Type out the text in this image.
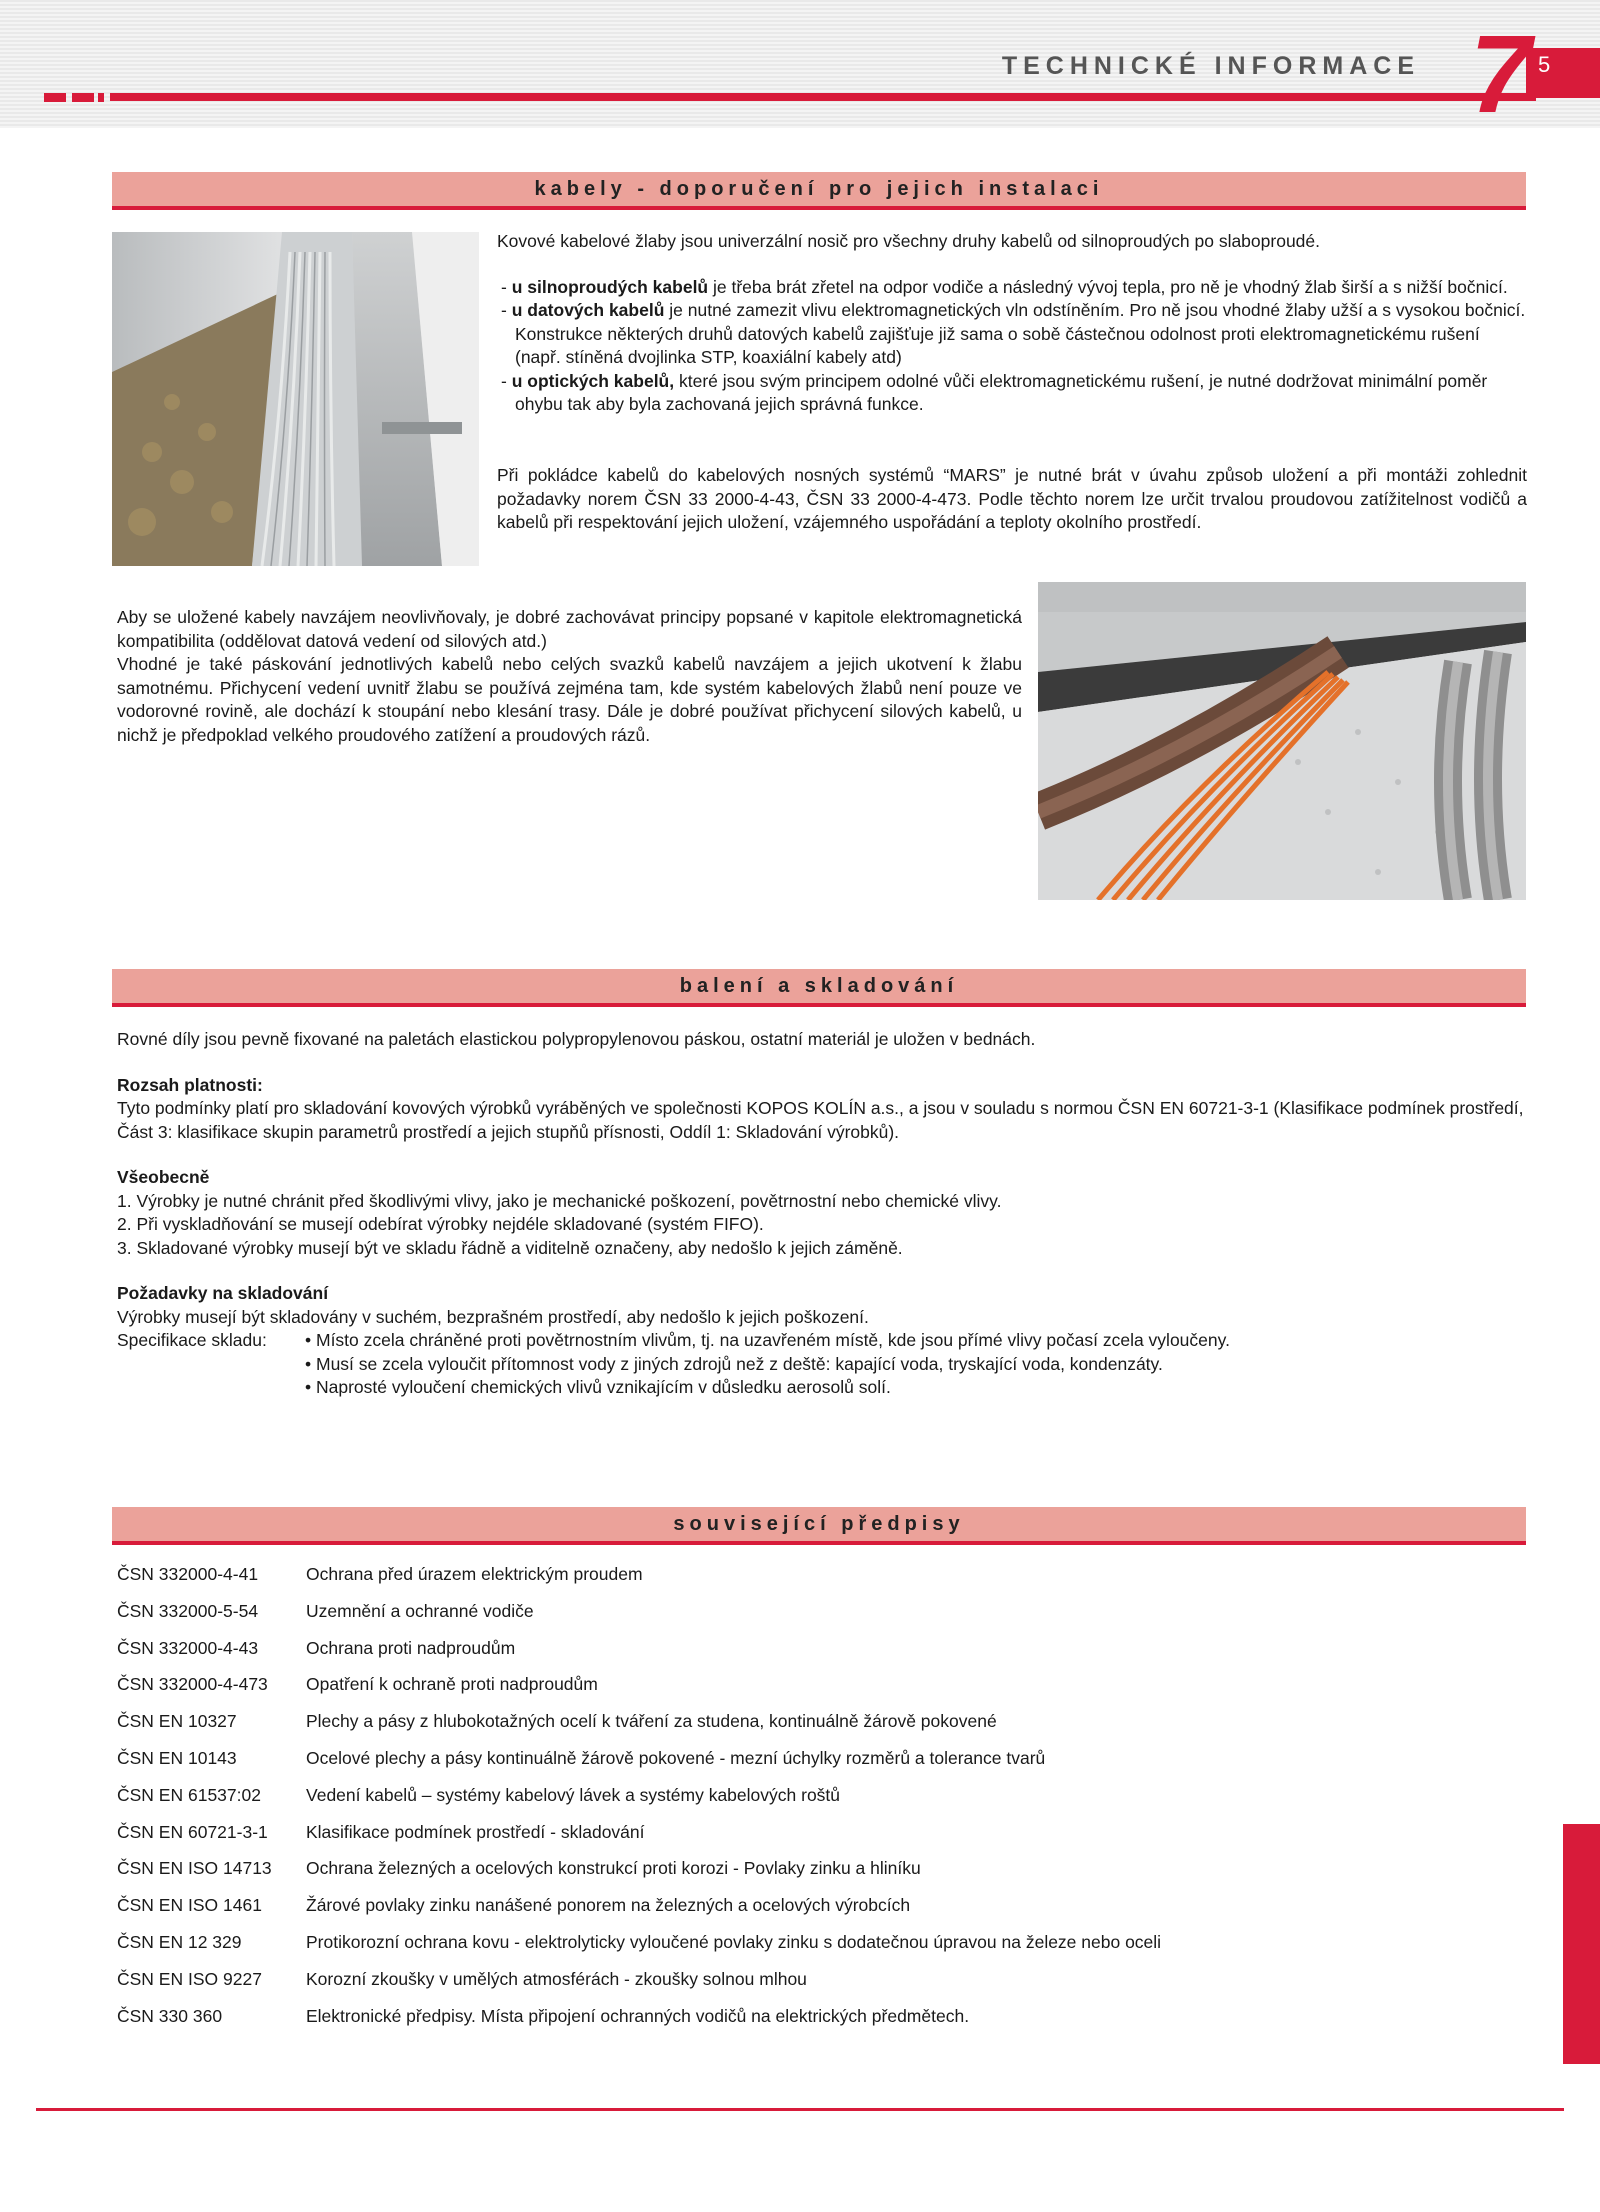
TECHNICKÉ INFORMACE 7 5
kabely - doporučení pro jejich instalaci

Kovové kabelové žlaby jsou univerzální nosič pro všechny druhy kabelů od silnoproudých po slaboproudé.

- u silnoproudých kabelů je třeba brát zřetel na odpor vodiče a následný vývoj tepla, pro ně je vhodný žlab širší a s nižší bočnicí.

- u datových kabelů je nutné zamezit vlivu elektromagnetických vln odstíněním. Pro ně jsou vhodné žlaby užší a s vysokou bočnicí. Konstrukce některých druhů datových kabelů zajišťuje již sama o sobě částečnou odolnost proti elektromagnetickému rušení (např. stíněná dvojlinka STP, koaxiální kabely atd)

- u optických kabelů, které jsou svým principem odolné vůči elektromagnetickému rušení, je nutné dodržovat minimální poměr ohybu tak aby byla zachovaná jejich správná funkce.

Při pokládce kabelů do kabelových nosných systémů “MARS” je nutné brát v úvahu způsob uložení a při montáži zohlednit požadavky norem ČSN 33 2000-4-43, ČSN 33 2000-4-473. Podle těchto norem lze určit trvalou proudovou zatížitelnost vodičů a kabelů při respektování jejich uložení, vzájemného uspořádání a teploty okolního prostředí.

Aby se uložené kabely navzájem neovlivňovaly, je dobré zachovávat principy popsané v kapitole elektromagnetická kompatibilita (oddělovat datová vedení od silových atd.)

Vhodné je také páskování jednotlivých kabelů nebo celých svazků kabelů navzájem a jejich ukotvení k žlabu samotnému. Přichycení vedení uvnitř žlabu se používá zejména tam, kde systém kabelových žlabů není pouze ve vodorovné rovině, ale dochází k stoupání nebo klesání trasy. Dále je dobré používat přichycení silových kabelů, u nichž je předpoklad velkého proudového zatížení a proudových rázů.

balení a skladování

Rovné díly jsou pevně fixované na paletách elastickou polypropylenovou páskou, ostatní materiál je uložen v bednách.

Rozsah platnosti:

Tyto podmínky platí pro skladování kovových výrobků vyráběných ve společnosti KOPOS KOLÍN a.s., a jsou v souladu s normou ČSN EN 60721-3-1 (Klasifikace podmínek prostředí, Část 3: klasifikace skupin parametrů prostředí a jejich stupňů přísnosti, Oddíl 1: Skladování výrobků).

Všeobecně

1. Výrobky je nutné chránit před škodlivými vlivy, jako je mechanické poškození, povětrnostní nebo chemické vlivy.

2. Při vyskladňování se musejí odebírat výrobky nejdéle skladované (systém FIFO).

3. Skladované výrobky musejí být ve skladu řádně a viditelně označeny, aby nedošlo k jejich záměně.

Požadavky na skladování

Výrobky musejí být skladovány v suchém, bezprašném prostředí, aby nedošlo k jejich poškození.

Specifikace skladu: • Místo zcela chráněné proti povětrnostním vlivům, tj. na uzavřeném místě, kde jsou přímé vlivy počasí zcela vyloučeny.

• Musí se zcela vyloučit přítomnost vody z jiných zdrojů než z deště: kapající voda, tryskající voda, kondenzáty.

• Naprosté vyloučení chemických vlivů vznikajícím v důsledku aerosolů solí.

související předpisy
ČSN 332000-4-41	Ochrana před úrazem elektrickým proudem
ČSN 332000-5-54	Uzemnění a ochranné vodiče
ČSN 332000-4-43	Ochrana proti nadproudům
ČSN 332000-4-473 Opatření k ochraně proti nadproudům
ČSN EN 10327	Plechy a pásy z hlubokotažných ocelí k tváření za studena, kontinuálně žárově pokovené
ČSN EN 10143	Ocelové plechy a pásy kontinuálně žárově pokovené - mezní úchylky rozměrů a tolerance tvarů
ČSN EN 61537:02	Vedení kabelů – systémy kabelový lávek a systémy kabelových roštů
ČSN EN 60721-3-1 Klasifikace podmínek prostředí - skladování
ČSN EN ISO 14713 Ochrana železných a ocelových konstrukcí proti korozi - Povlaky zinku a hliníku
ČSN EN ISO 1461	Žárové povlaky zinku nanášené ponorem na železných a ocelových výrobcích
ČSN EN 12 329	Protikorozní ochrana kovu - elektrolyticky vyloučené povlaky zinku s dodatečnou úpravou na železe nebo oceli
ČSN EN ISO 9227	Korozní zkoušky v umělých atmosférách - zkoušky solnou mlhou
ČSN 330 360	Elektronické předpisy. Místa připojení ochranných vodičů na elektrických předmětech.
